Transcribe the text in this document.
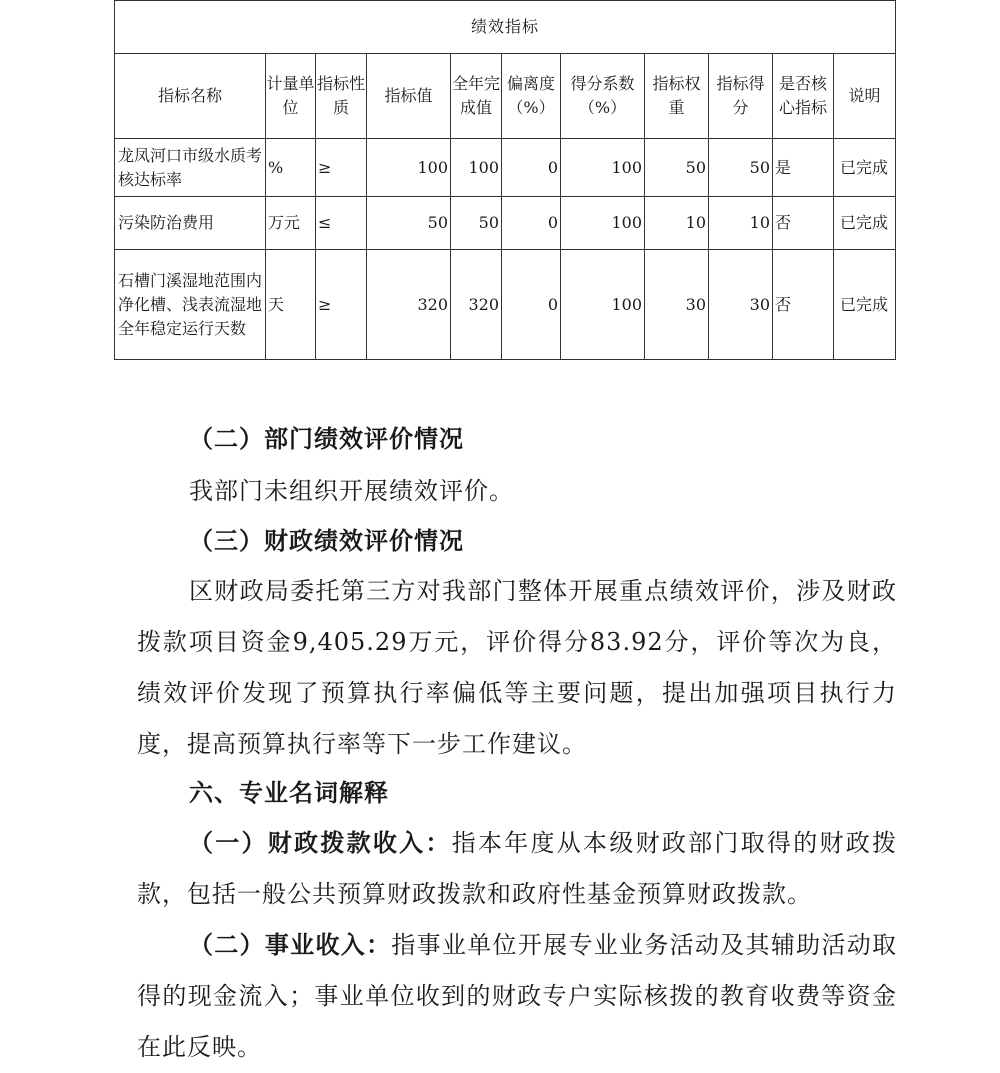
绩效指标										
指标名称	计量单位	指标性质	指标值	全年完成值	偏离度（%）	得分系数（%）	指标权重	指标得分	是否核心指标	说明
龙凤河口市级水质考核达标率	%	≥	100	100	0	100	50	50	是	已完成
污染防治费用	万元	≤	50	50	0	100	10	10	否	已完成
石槽门溪湿地范围内净化槽、浅表流湿地全年稳定运行天数	天	≥	320	320	0	100	30	30	否	已完成

（二）部门绩效评价情况

我部门未组织开展绩效评价。

（三）财政绩效评价情况

区财政局委托第三方对我部门整体开展重点绩效评价，涉及财政拨款项目资金9,405.29万元，评价得分83.92分，评价等次为良，绩效评价发现了预算执行率偏低等主要问题，提出加强项目执行力度，提高预算执行率等下一步工作建议。

六、专业名词解释

（一）财政拨款收入：指本年度从本级财政部门取得的财政拨款，包括一般公共预算财政拨款和政府性基金预算财政拨款。

（二）事业收入：指事业单位开展专业业务活动及其辅助活动取得的现金流入；事业单位收到的财政专户实际核拨的教育收费等资金在此反映。
